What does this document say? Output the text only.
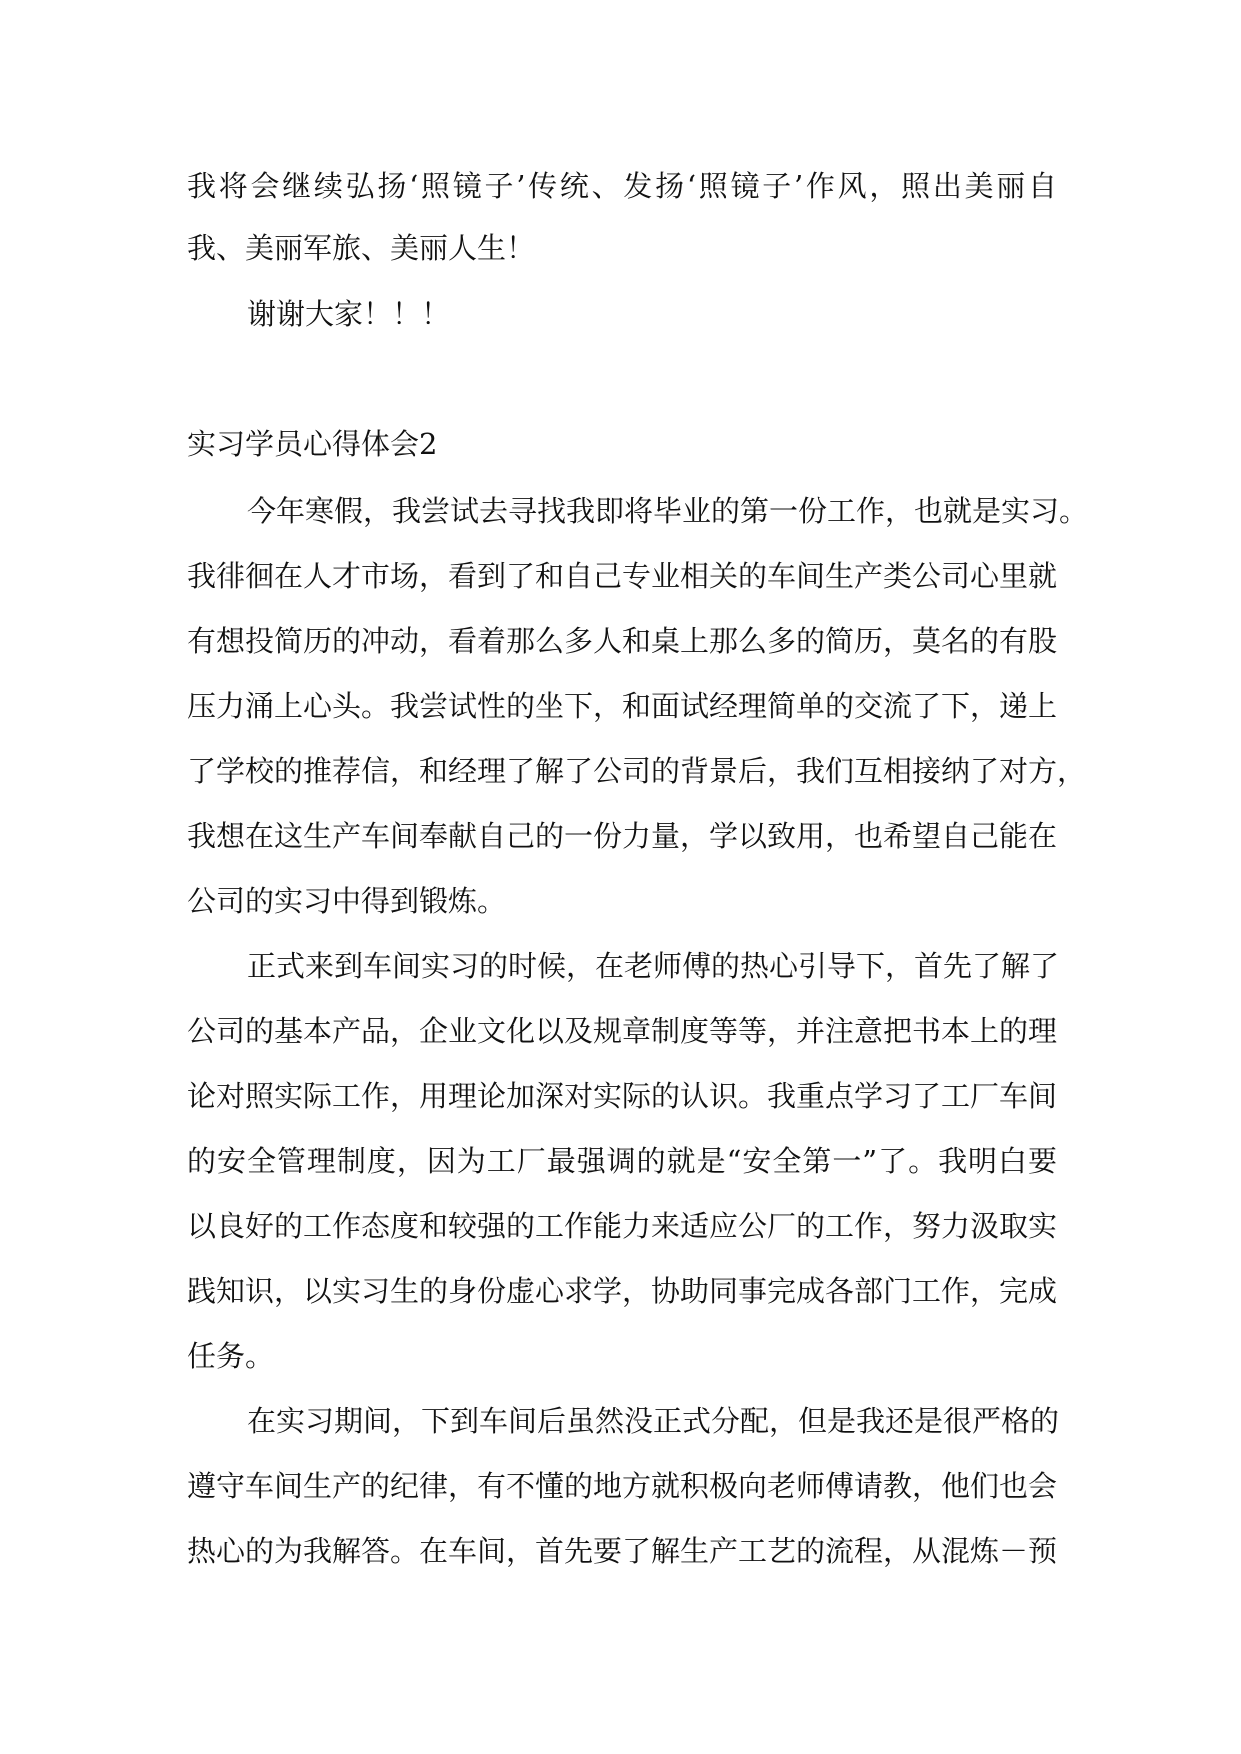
我将会继续弘扬‘照镜子’传统、发扬‘照镜子’作风，照出美丽自
我、美丽军旅、美丽人生！
谢谢大家！！！
实习学员心得体会2
今年寒假，我尝试去寻找我即将毕业的第一份工作，也就是实习。
我徘徊在人才市场，看到了和自己专业相关的车间生产类公司心里就
有想投简历的冲动，看着那么多人和桌上那么多的简历，莫名的有股
压力涌上心头。我尝试性的坐下，和面试经理简单的交流了下，递上
了学校的推荐信，和经理了解了公司的背景后，我们互相接纳了对方，
我想在这生产车间奉献自己的一份力量，学以致用，也希望自己能在
公司的实习中得到锻炼。
正式来到车间实习的时候，在老师傅的热心引导下，首先了解了
公司的基本产品，企业文化以及规章制度等等，并注意把书本上的理
论对照实际工作，用理论加深对实际的认识。我重点学习了工厂车间
的安全管理制度，因为工厂最强调的就是“安全第一”了。我明白要
以良好的工作态度和较强的工作能力来适应公厂的工作，努力汲取实
践知识，以实习生的身份虚心求学，协助同事完成各部门工作，完成
任务。
在实习期间，下到车间后虽然没正式分配，但是我还是很严格的
遵守车间生产的纪律，有不懂的地方就积极向老师傅请教，他们也会
热心的为我解答。在车间，首先要了解生产工艺的流程，从混炼－预
